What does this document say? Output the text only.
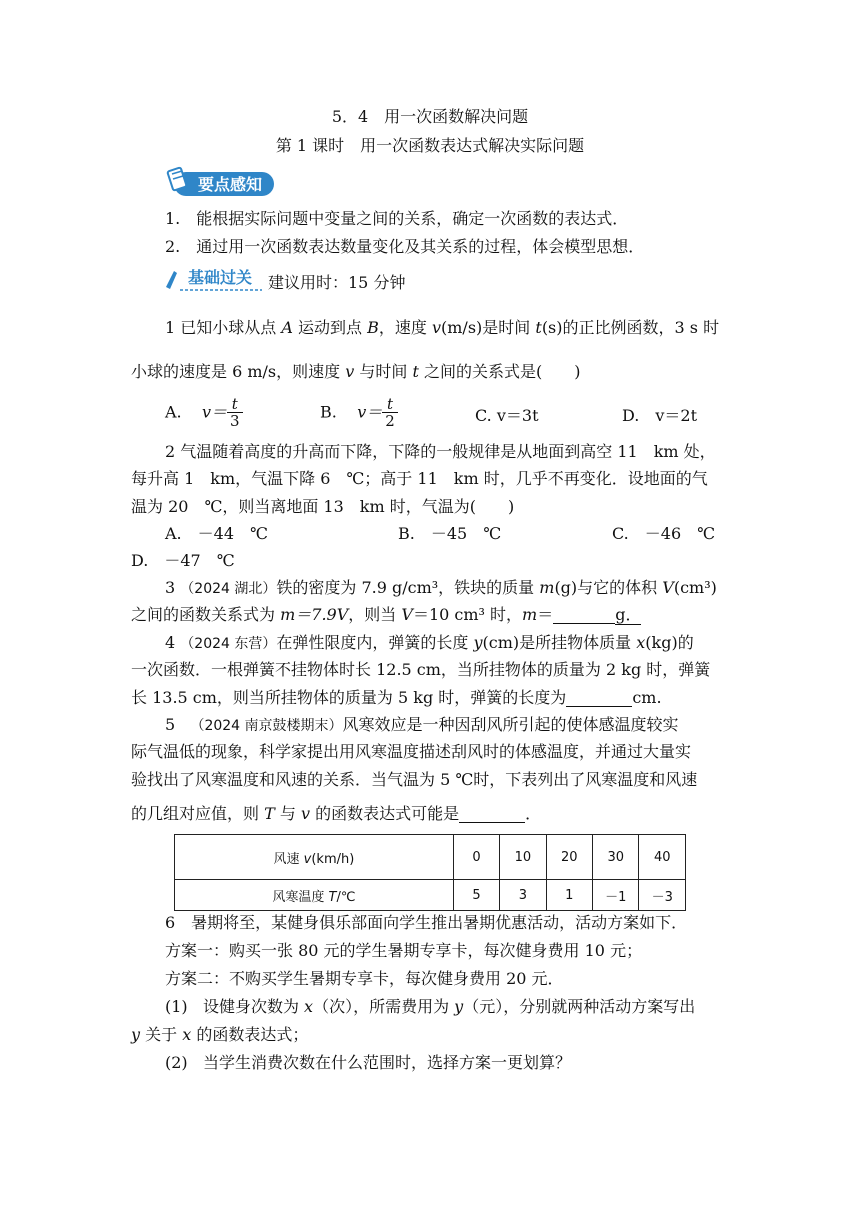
5．4　用一次函数解决问题
第 1 课时　用一次函数表达式解决实际问题
要点感知
1.　能根据实际问题中变量之间的关系，确定一次函数的表达式．
2.　通过用一次函数表达数量变化及其关系的过程，体会模型思想．
基础过关 建议用时：15 分钟
1 已知小球从点 A 运动到点 B，速度 v(m/s)是时间 t(s)的正比例函数，3 s 时
小球的速度是 6 m/s，则速度 v 与时间 t 之间的关系式是(　　)
A. $v= \frac{t}{3}$	B. $v= \frac{t}{2}$	C. v＝3t	D.　v＝2t
2 气温随着高度的升高而下降，下降的一般规律是从地面到高空 11　km 处，
每升高 1　km，气温下降 6　℃；高于 11　km 时，几乎不再变化．设地面的气
温为 20　℃，则当离地面 13　km 时，气温为(　　)
A.　－44　℃	B.　－45　℃	C.　－46　℃
D.　－47　℃
3 （2024 湖北）铁的密度为 7.9 g/cm³，铁块的质量 m(g)与它的体积 V(cm³)
之间的函数关系式为 m＝7.9V，则当 V＝10 cm³ 时，m＝	g．
4 （2024 东营）在弹性限度内，弹簧的长度 y(cm)是所挂物体质量 x(kg)的
一次函数．一根弹簧不挂物体时长 12.5 cm，当所挂物体的质量为 2 kg 时，弹簧
长 13.5 cm，则当所挂物体的质量为 5 kg 时，弹簧的长度为	cm.
5 （2024 南京鼓楼期末）风寒效应是一种因刮风所引起的使体感温度较实
际气温低的现象，科学家提出用风寒温度描述刮风时的体感温度，并通过大量实
验找出了风寒温度和风速的关系．当气温为 5 ℃时，下表列出了风寒温度和风速
的几组对应值，则 T 与 v 的函数表达式可能是	．
风速 v(km/h)	0	10	20	30	40
风寒温度 T/℃	5	3	1	－1	－3
6　暑期将至，某健身俱乐部面向学生推出暑期优惠活动，活动方案如下．
方案一：购买一张 80 元的学生暑期专享卡，每次健身费用 10 元；
方案二：不购买学生暑期专享卡，每次健身费用 20 元．
(1) 设健身次数为 x（次），所需费用为 y（元），分别就两种活动方案写出
y 关于 x 的函数表达式；
(2) 当学生消费次数在什么范围时，选择方案一更划算？
